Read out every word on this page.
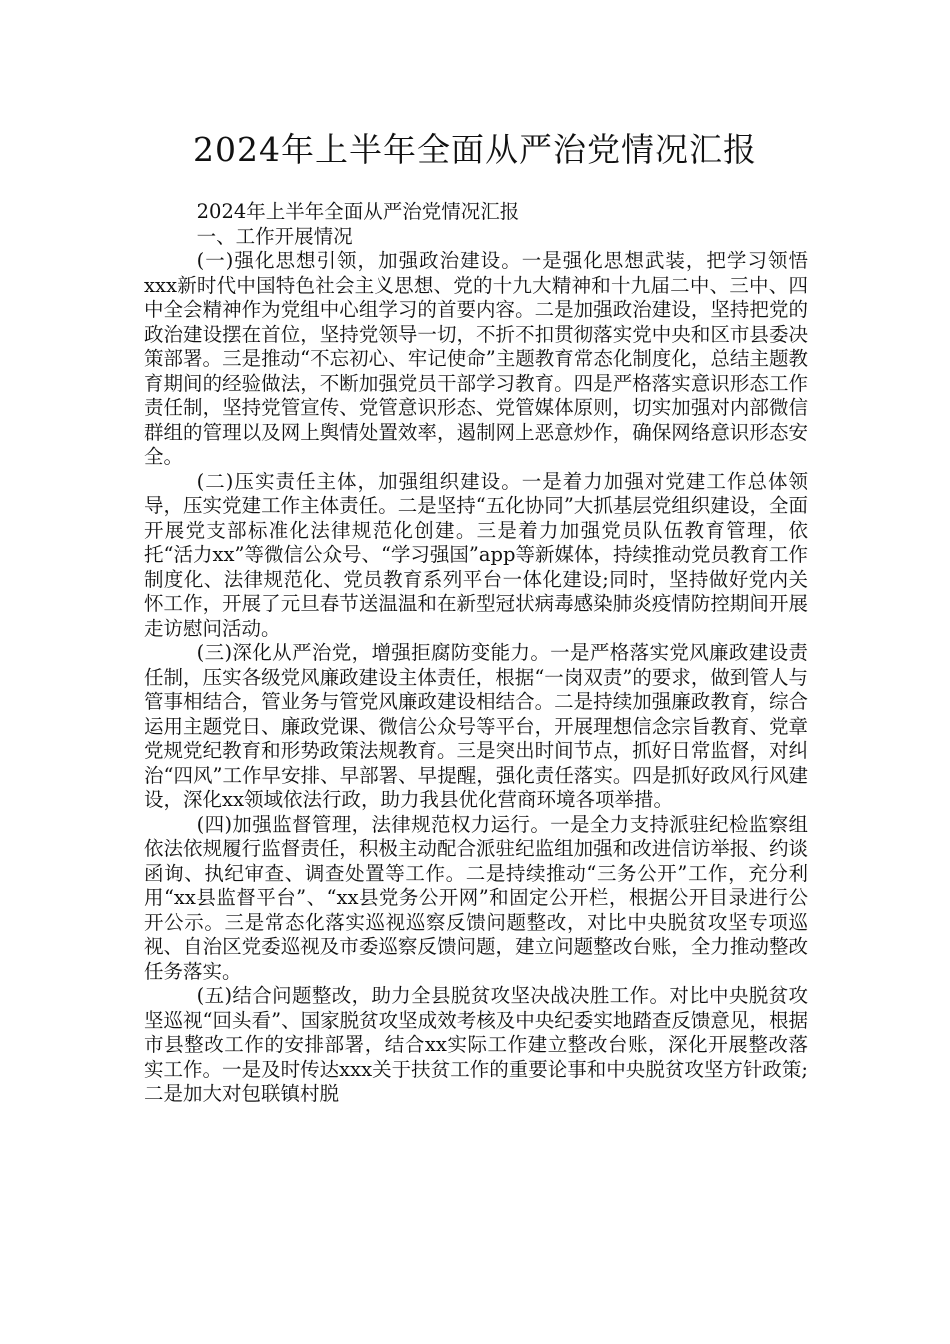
2024年上半年全面从严治党情况汇报

2024年上半年全面从严治党情况汇报

一、工作开展情况

(一)强化思想引领，加强政治建设。一是强化思想武装，把学习领悟xxx新时代中国特色社会主义思想、党的十九大精神和十九届二中、三中、四中全会精神作为党组中心组学习的首要内容。二是加强政治建设，坚持把党的政治建设摆在首位，坚持党领导一切，不折不扣贯彻落实党中央和区市县委决策部署。三是推动“不忘初心、牢记使命”主题教育常态化制度化，总结主题教育期间的经验做法，不断加强党员干部学习教育。四是严格落实意识形态工作责任制，坚持党管宣传、党管意识形态、党管媒体原则，切实加强对内部微信群组的管理以及网上舆情处置效率，遏制网上恶意炒作，确保网络意识形态安全。

(二)压实责任主体，加强组织建设。一是着力加强对党建工作总体领导，压实党建工作主体责任。二是坚持“五化协同”大抓基层党组织建设，全面开展党支部标准化法律规范化创建。三是着力加强党员队伍教育管理，依托“活力xx”等微信公众号、“学习强国”app等新媒体，持续推动党员教育工作制度化、法律规范化、党员教育系列平台一体化建设;同时，坚持做好党内关怀工作，开展了元旦春节送温温和在新型冠状病毒感染肺炎疫情防控期间开展走访慰问活动。

(三)深化从严治党，增强拒腐防变能力。一是严格落实党风廉政建设责任制，压实各级党风廉政建设主体责任，根据“一岗双责”的要求，做到管人与管事相结合，管业务与管党风廉政建设相结合。二是持续加强廉政教育，综合运用主题党日、廉政党课、微信公众号等平台，开展理想信念宗旨教育、党章党规党纪教育和形势政策法规教育。三是突出时间节点，抓好日常监督，对纠治“四风”工作早安排、早部署、早提醒，强化责任落实。四是抓好政风行风建设，深化xx领域依法行政，助力我县优化营商环境各项举措。

(四)加强监督管理，法律规范权力运行。一是全力支持派驻纪检监察组依法依规履行监督责任，积极主动配合派驻纪监组加强和改进信访举报、约谈函询、执纪审查、调查处置等工作。二是持续推动“三务公开”工作，充分利用“xx县监督平台”、“xx县党务公开网”和固定公开栏，根据公开目录进行公开公示。三是常态化落实巡视巡察反馈问题整改，对比中央脱贫攻坚专项巡视、自治区党委巡视及市委巡察反馈问题，建立问题整改台账，全力推动整改任务落实。

(五)结合问题整改，助力全县脱贫攻坚决战决胜工作。对比中央脱贫攻坚巡视“回头看”、国家脱贫攻坚成效考核及中央纪委实地踏查反馈意见，根据市县整改工作的安排部署，结合xx实际工作建立整改台账，深化开展整改落实工作。一是及时传达xxx关于扶贫工作的重要论事和中央脱贫攻坚方针政策;二是加大对包联镇村脱
